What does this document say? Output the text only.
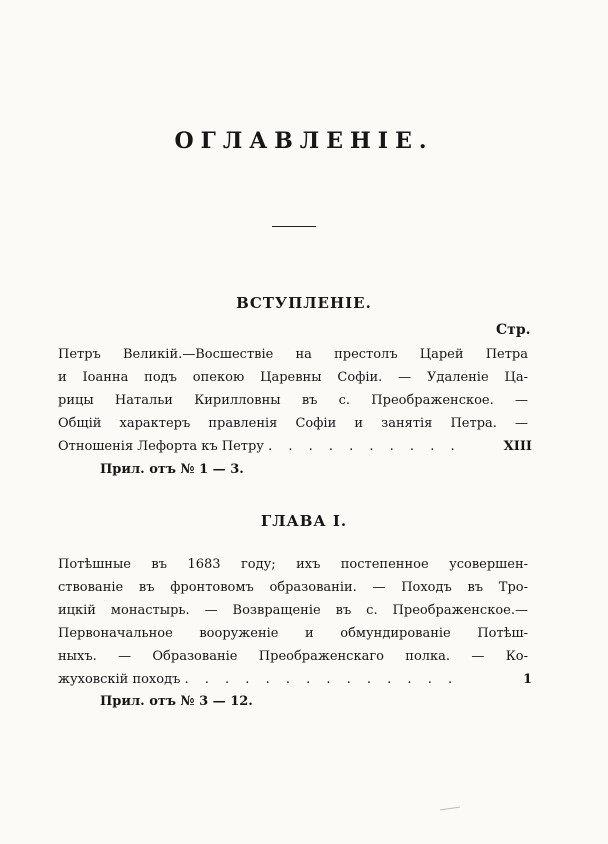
ОГЛАВЛЕНІЕ.
ВСТУПЛЕНІЕ.
Стр.
Петръ Великій.—Восшествіе на престолъ Царей Петра
и Іоанна подъ опекою Царевны Софіи. — Удаленіе Ца-
рицы Натальи Кирилловны въ с. Преображенское. —
Общій характеръ правленія Софіи и занятія Петра. —
Отношенія Лефорта къ Петру . . . . . . . . . .	XIII
Прил. отъ № 1 — 3.
ГЛАВА І.
Потѣшные въ 1683 году; ихъ постепенное усовершен-
ствованіе въ фронтовомъ образованіи. — Походъ въ Тро-
ицкій монастырь. — Возвращеніе въ с. Преображенское.—
Первоначальное вооруженіе и обмундированіе Потѣш-
ныхъ. — Образованіе Преображенскаго полка. — Ко-
жуховскій походъ . . . . . . . . . . . . . .	1
Прил. отъ № 3 — 12.
